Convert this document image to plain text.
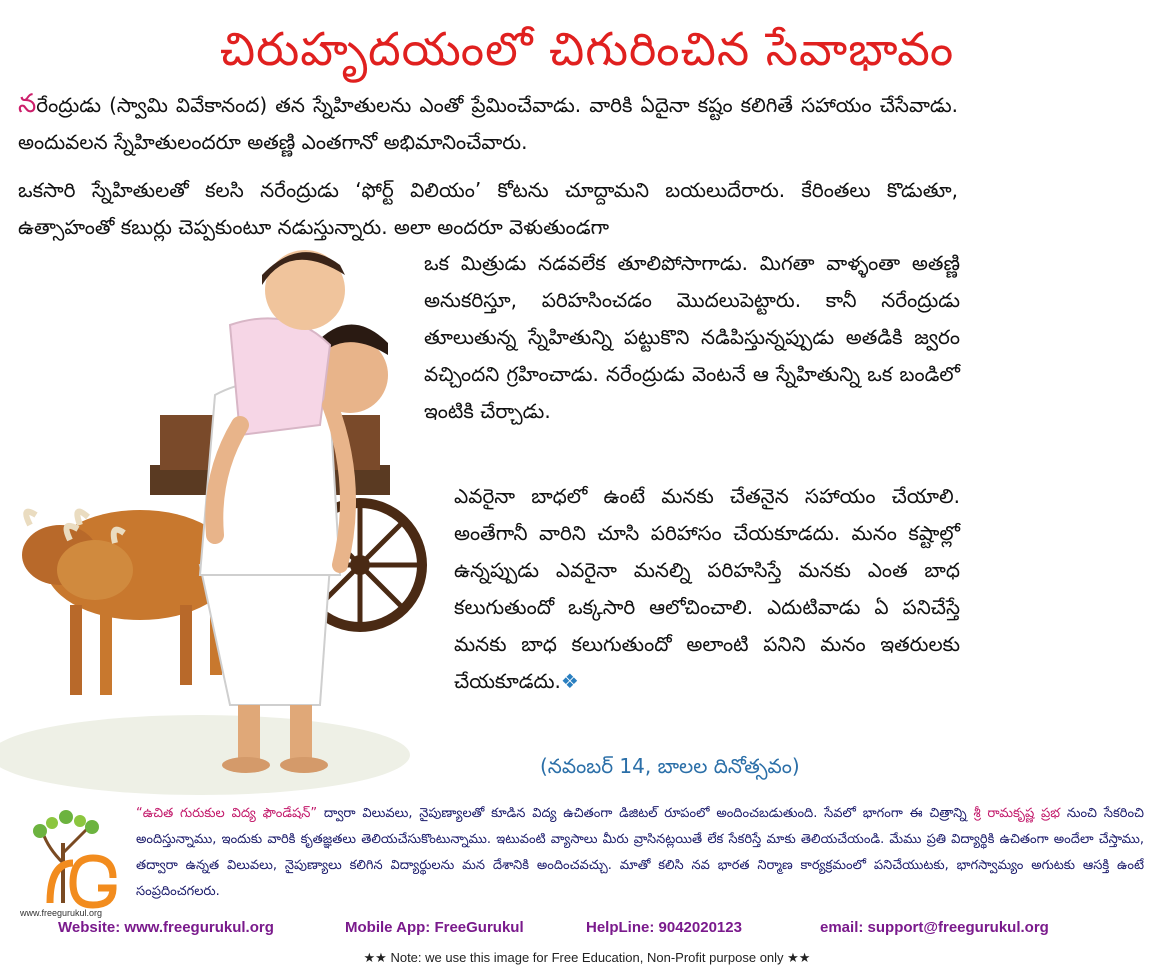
చిరుహృదయంలో చిగురించిన సేవాభావం

నరేంద్రుడు (స్వామి వివేకానంద) తన స్నేహితులను ఎంతో ప్రేమించేవాడు. వారికి ఏదైనా కష్టం కలిగితే సహాయం చేసేవాడు. అందువలన స్నేహితులందరూ అతణ్ణి ఎంతగానో అభిమానించేవారు.

ఒకసారి స్నేహితులతో కలసి నరేంద్రుడు ‘ఫోర్ట్ విలియం’ కోటను చూద్దామని బయలుదేరారు. కేరింతలు కొడుతూ, ఉత్సాహంతో కబుర్లు చెప్పకుంటూ నడుస్తున్నారు. అలా అందరూ వెళుతుండగా

ఒక మిత్రుడు నడవలేక తూలిపోసాగాడు. మిగతా వాళ్ళంతా అతణ్ణి అనుకరిస్తూ, పరిహసించడం మొదలుపెట్టారు. కానీ నరేంద్రుడు తూలుతున్న స్నేహితున్ని పట్టుకొని నడిపిస్తున్నప్పుడు అతడికి జ్వరం వచ్చిందని గ్రహించాడు. నరేంద్రుడు వెంటనే ఆ స్నేహితున్ని ఒక బండిలో ఇంటికి చేర్చాడు.

ఎవరైనా బాధలో ఉంటే మనకు చేతనైన సహాయం చేయాలి. అంతేగానీ వారిని చూసి పరిహాసం చేయకూడదు. మనం కష్టాల్లో ఉన్నప్పుడు ఎవరైనా మనల్ని పరిహసిస్తే మనకు ఎంత బాధ కలుగుతుందో ఒక్కసారి ఆలోచించాలి. ఎదుటివాడు ఏ పనిచేస్తే మనకు బాధ కలుగుతుందో అలాంటి పనిని మనం ఇతరులకు చేయకూడదు.❖

(నవంబర్ 14, బాలల దినోత్సవం)
www.freegurukul.org

“ఉచిత గురుకుల విద్య ఫౌండేషన్” ద్వారా విలువలు, నైపుణ్యాలతో కూడిన విద్య ఉచితంగా డిజిటల్ రూపంలో అందించబడుతుంది. సేవలో భాగంగా ఈ చిత్రాన్ని శ్రీ రామకృష్ణ ప్రభ నుంచి సేకరించి అందిస్తున్నాము, ఇందుకు వారికి కృతజ్ఞతలు తెలియచేసుకొంటున్నాము. ఇటువంటి వ్యాసాలు మీరు వ్రాసినట్లయితే లేక సేకరిస్తే మాకు తెలియచేయండి. మేము ప్రతి విద్యార్థికి ఉచితంగా అందేలా చేస్తాము, తద్వారా ఉన్నత విలువలు, నైపుణ్యాలు కలిగిన విద్యార్థులను మన దేశానికి అందించవచ్చు. మాతో కలిసి నవ భారత నిర్మాణ కార్యక్రమంలో పనిచేయుటకు, భాగస్వామ్యం అగుటకు ఆసక్తి ఉంటే సంప్రదించగలరు.

Website: www.freegurukul.org	Mobile App: FreeGurukul	HelpLine: 9042020123	email: support@freegurukul.org
★★ Note: we use this image for Free Education, Non-Profit purpose only ★★
